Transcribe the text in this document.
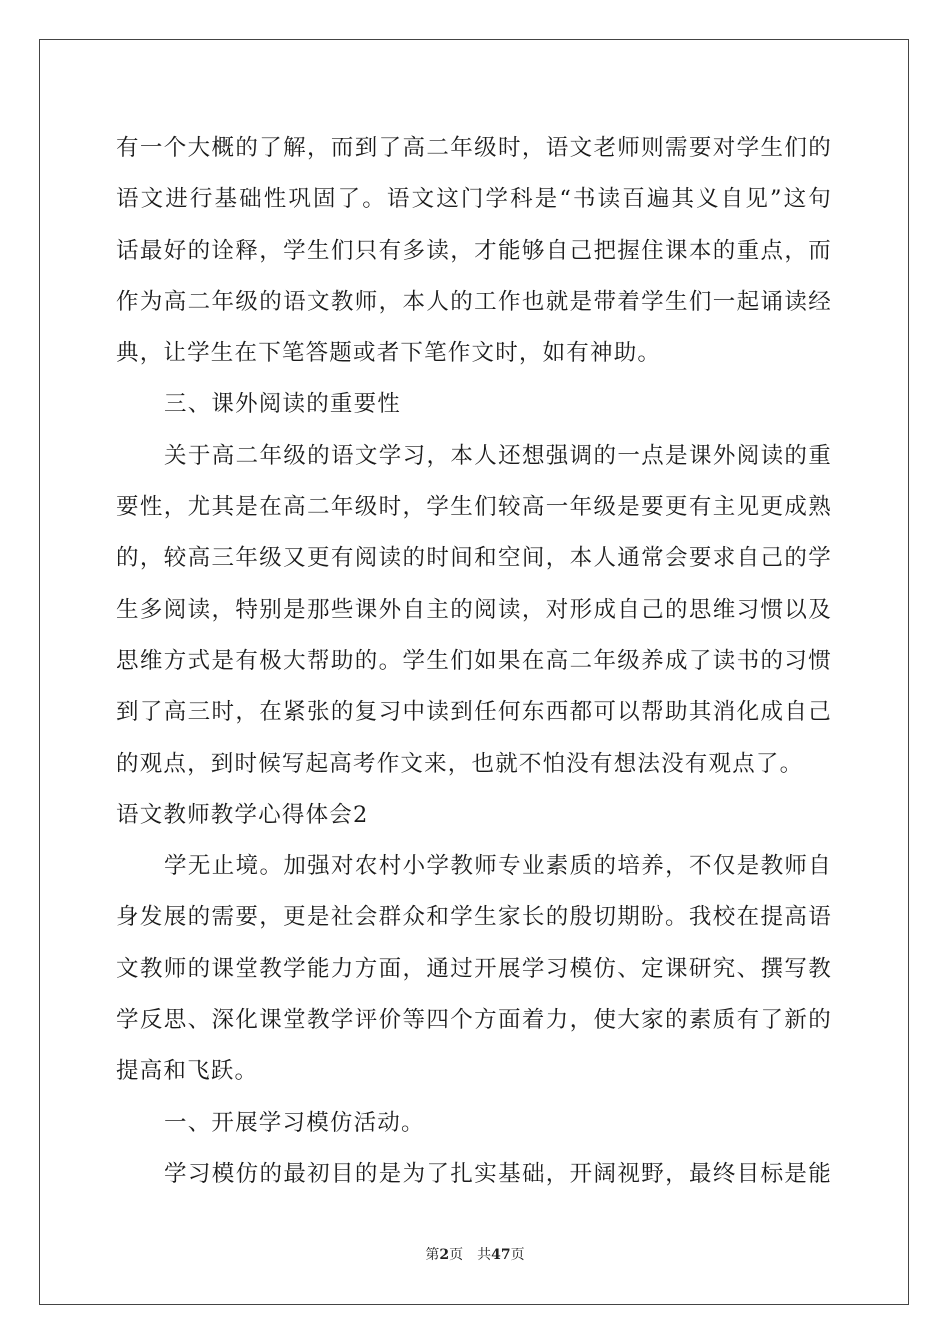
有一个大概的了解，而到了高二年级时，语文老师则需要对学生们的
语文进行基础性巩固了。语文这门学科是“书读百遍其义自见”这句
话最好的诠释，学生们只有多读，才能够自己把握住课本的重点，而
作为高二年级的语文教师，本人的工作也就是带着学生们一起诵读经
典，让学生在下笔答题或者下笔作文时，如有神助。
三、课外阅读的重要性
关于高二年级的语文学习，本人还想强调的一点是课外阅读的重
要性，尤其是在高二年级时，学生们较高一年级是要更有主见更成熟
的，较高三年级又更有阅读的时间和空间，本人通常会要求自己的学
生多阅读，特别是那些课外自主的阅读，对形成自己的思维习惯以及
思维方式是有极大帮助的。学生们如果在高二年级养成了读书的习惯
到了高三时，在紧张的复习中读到任何东西都可以帮助其消化成自己
的观点，到时候写起高考作文来，也就不怕没有想法没有观点了。
语文教师教学心得体会2
学无止境。加强对农村小学教师专业素质的培养，不仅是教师自
身发展的需要，更是社会群众和学生家长的殷切期盼。我校在提高语
文教师的课堂教学能力方面，通过开展学习模仿、定课研究、撰写教
学反思、深化课堂教学评价等四个方面着力，使大家的素质有了新的
提高和飞跃。
一、开展学习模仿活动。
学习模仿的最初目的是为了扎实基础，开阔视野，最终目标是能
第2页 共47页
